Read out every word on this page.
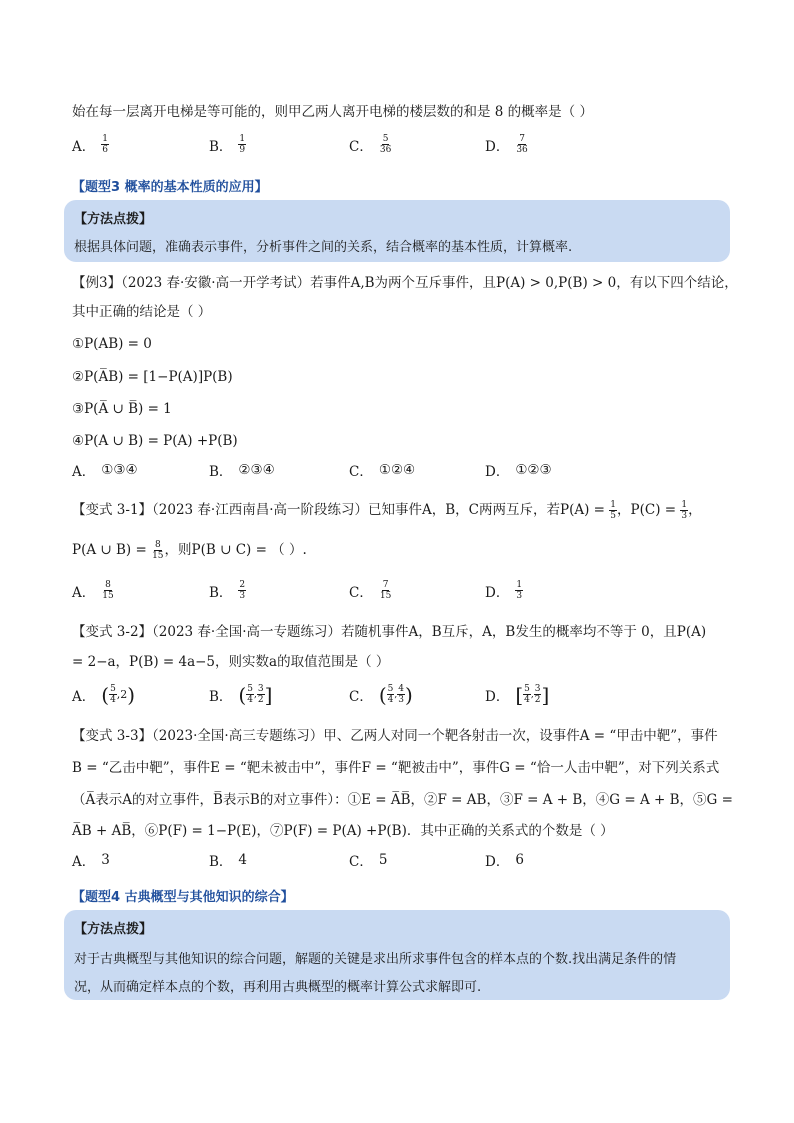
始在每一层离开电梯是等可能的，则甲乙两人离开电梯的楼层数的和是 8 的概率是（ ）
A． $\frac{1}{6}$	B． $\frac{1}{9}$	C． $\frac{5}{36}$	D． $\frac{7}{36}$
【题型3 概率的基本性质的应用】
【方法点拨】
根据具体问题，准确表示事件，分析事件之间的关系，结合概率的基本性质，计算概率.
【例3】（2023 春·安徽·高一开学考试）若事件A,B为两个互斥事件，且P(A) > 0,P(B) > 0，有以下四个结论，
其中正确的结论是（ ）
①P(AB) = 0
②P(A̅B) = [1−P(A)]P(B)
③P(A̅ ∪ B̅) = 1
④P(A ∪ B) = P(A) +P(B)
A． ①③④	B． ②③④	C． ①②④	D． ①②③
【变式 3-1】（2023 春·江西南昌·高一阶段练习）已知事件A，B，C两两互斥，若$P(A) = \frac{1}{5}$ ，$P(C) = \frac{1}{3}$ ，
P(A ∪ $B) = \frac{8}{15}$ ，则P(B ∪ C) = （ ）.
A． $\frac{8}{15}$	B． $\frac{2}{3}$	C． $\frac{7}{15}$	D． $\frac{1}{3}$
【变式 3-2】（2023 春·全国·高一专题练习）若随机事件A，B互斥，A，B发生的概率均不等于 0，且P(A)
= 2−a，P(B) = 4a−5，则实数a的取值范围是（ ）
A． ( $\frac{5}{4} ,2$ )	B． ( $\frac{5}{4}$ , $\frac{3}{2}$ ]	C． ( $\frac{5}{4}$ , $\frac{4}{3}$ )	D． [ $\frac{5}{4}$ , $\frac{3}{2}$ ]
【变式 3-3】（2023·全国·高三专题练习）甲、乙两人对同一个靶各射击一次，设事件A = “甲击中靶”，事件
B = “乙击中靶”，事件E = “靶未被击中”，事件F = “靶被击中”，事件G = “恰一人击中靶”，对下列关系式
（A̅表示A的对立事件，B̅表示B的对立事件）：①E = A̅B̅，②F = AB，③F = A + B，④G = A + B，⑤G =
A̅B + AB̅，⑥P(F) = 1−P(E)，⑦P(F) = P(A) +P(B)．其中正确的关系式的个数是（ ）
A． 3	B． 4	C． 5	D． 6
【题型4 古典概型与其他知识的综合】
【方法点拨】
对于古典概型与其他知识的综合问题，解题的关键是求出所求事件包含的样本点的个数.找出满足条件的情
况，从而确定样本点的个数，再利用古典概型的概率计算公式求解即可.
